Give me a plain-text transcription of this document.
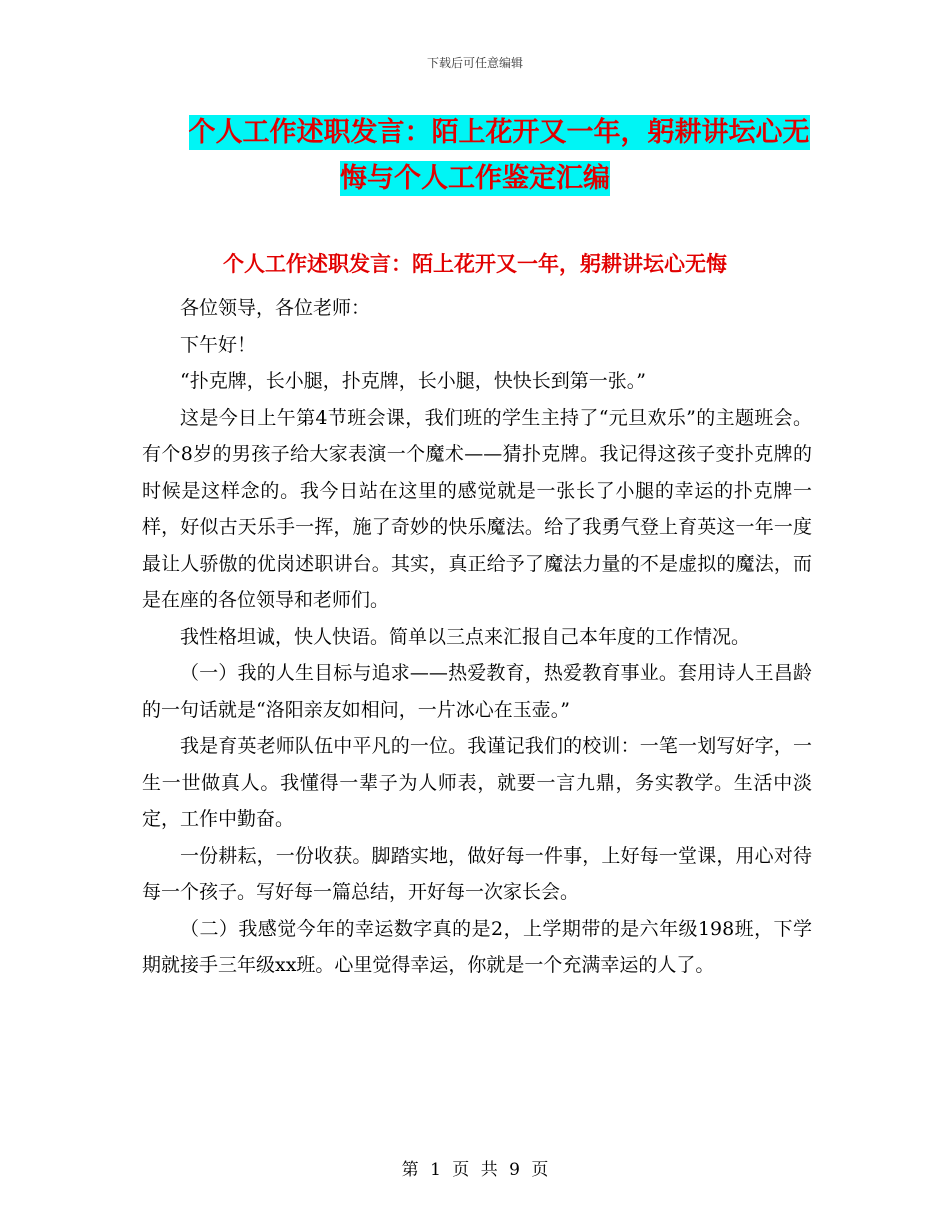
下载后可任意编辑
个人工作述职发言：陌上花开又一年，躬耕讲坛心无
悔与个人工作鉴定汇编
个人工作述职发言：陌上花开又一年，躬耕讲坛心无悔

各位领导，各位老师：

下午好！

“扑克牌，长小腿，扑克牌，长小腿，快快长到第一张。”

这是今日上午第4节班会课，我们班的学生主持了“元旦欢乐”的主题班会。有个8岁的男孩子给大家表演一个魔术——猜扑克牌。我记得这孩子变扑克牌的时候是这样念的。我今日站在这里的感觉就是一张长了小腿的幸运的扑克牌一样，好似古天乐手一挥，施了奇妙的快乐魔法。给了我勇气登上育英这一年一度最让人骄傲的优岗述职讲台。其实，真正给予了魔法力量的不是虚拟的魔法，而是在座的各位领导和老师们。

我性格坦诚，快人快语。简单以三点来汇报自己本年度的工作情况。

（一）我的人生目标与追求——热爱教育，热爱教育事业。套用诗人王昌龄的一句话就是“洛阳亲友如相问，一片冰心在玉壶。”

我是育英老师队伍中平凡的一位。我谨记我们的校训：一笔一划写好字，一生一世做真人。我懂得一辈子为人师表，就要一言九鼎，务实教学。生活中淡定，工作中勤奋。

一份耕耘，一份收获。脚踏实地，做好每一件事，上好每一堂课，用心对待每一个孩子。写好每一篇总结，开好每一次家长会。

（二）我感觉今年的幸运数字真的是2，上学期带的是六年级198班，下学期就接手三年级xx班。心里觉得幸运，你就是一个充满幸运的人了。

第 1 页 共 9 页
